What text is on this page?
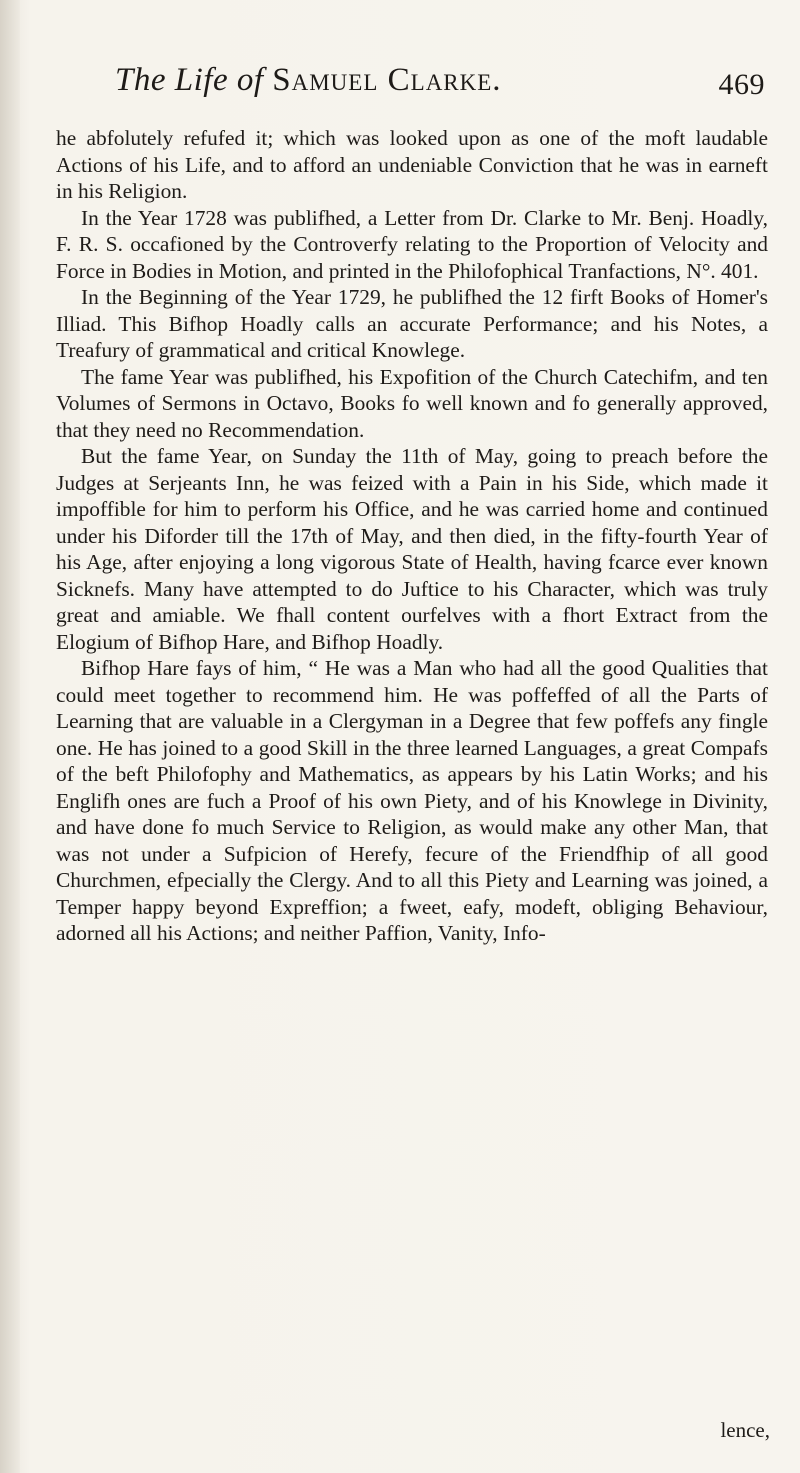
The Life of Samuel Clarke.	469

he abfolutely refufed it; which was looked upon as one of the moft laudable Actions of his Life, and to afford an undeniable Conviction that he was in earneft in his Religion.

In the Year 1728 was publifhed, a Letter from Dr. Clarke to Mr. Benj. Hoadly, F. R. S. occafioned by the Controverfy relating to the Proportion of Velocity and Force in Bodies in Motion, and printed in the Philofophical Tranfactions, N°. 401.

In the Beginning of the Year 1729, he publifhed the 12 firft Books of Homer's Illiad. This Bifhop Hoadly calls an accurate Performance; and his Notes, a Treafury of grammatical and critical Knowlege.

The fame Year was publifhed, his Expofition of the Church Catechifm, and ten Volumes of Sermons in Octavo, Books fo well known and fo generally approved, that they need no Recommendation.

But the fame Year, on Sunday the 11th of May, going to preach before the Judges at Serjeants Inn, he was feized with a Pain in his Side, which made it impoffible for him to perform his Office, and he was carried home and continued under his Diforder till the 17th of May, and then died, in the fifty-fourth Year of his Age, after enjoying a long vigorous State of Health, having fcarce ever known Sicknefs. Many have attempted to do Juftice to his Character, which was truly great and amiable. We fhall content ourfelves with a fhort Extract from the Elogium of Bifhop Hare, and Bifhop Hoadly.

Bifhop Hare fays of him, “ He was a Man who had all the good Qualities that could meet together to recommend him. He was poffeffed of all the Parts of Learning that are valuable in a Clergyman in a Degree that few poffefs any fingle one. He has joined to a good Skill in the three learned Languages, a great Compafs of the beft Philofophy and Mathematics, as appears by his Latin Works; and his Englifh ones are fuch a Proof of his own Piety, and of his Knowlege in Divinity, and have done fo much Service to Religion, as would make any other Man, that was not under a Sufpicion of Herefy, fecure of the Friendfhip of all good Churchmen, efpecially the Clergy. And to all this Piety and Learning was joined, a Temper happy beyond Expreffion; a fweet, eafy, modeft, obliging Behaviour, adorned all his Actions; and neither Paffion, Vanity, Info-

lence,
